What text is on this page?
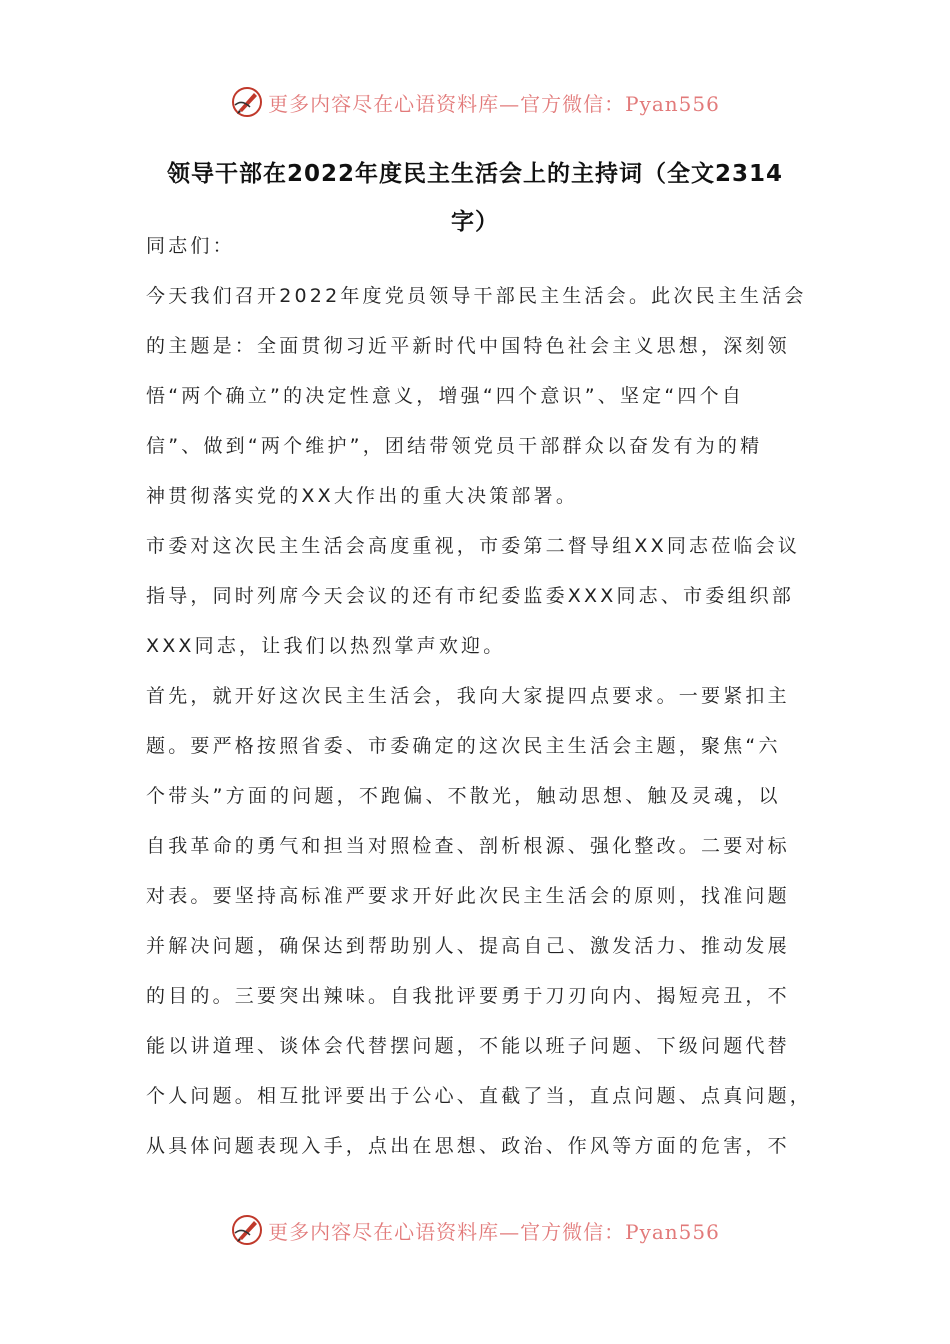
更多内容尽在心语资料库—官方微信：Pyan556
领导干部在2022年度民主生活会上的主持词（全文2314
字）

同志们：

今天我们召开2022年度党员领导干部民主生活会。此次民主生活会
的主题是：全面贯彻习近平新时代中国特色社会主义思想，深刻领
悟“两个确立”的决定性意义，增强“四个意识”、坚定“四个自
信”、做到“两个维护”，团结带领党员干部群众以奋发有为的精
神贯彻落实党的XX大作出的重大决策部署。

市委对这次民主生活会高度重视，市委第二督导组XX同志莅临会议
指导，同时列席今天会议的还有市纪委监委XXX同志、市委组织部
XXX同志，让我们以热烈掌声欢迎。

首先，就开好这次民主生活会，我向大家提四点要求。一要紧扣主
题。要严格按照省委、市委确定的这次民主生活会主题，聚焦“六
个带头”方面的问题，不跑偏、不散光，触动思想、触及灵魂，以
自我革命的勇气和担当对照检查、剖析根源、强化整改。二要对标
对表。要坚持高标准严要求开好此次民主生活会的原则，找准问题
并解决问题，确保达到帮助别人、提高自己、激发活力、推动发展
的目的。三要突出辣味。自我批评要勇于刀刃向内、揭短亮丑，不
能以讲道理、谈体会代替摆问题，不能以班子问题、下级问题代替
个人问题。相互批评要出于公心、直截了当，直点问题、点真问题，
从具体问题表现入手，点出在思想、政治、作风等方面的危害，不

更多内容尽在心语资料库—官方微信：Pyan556
